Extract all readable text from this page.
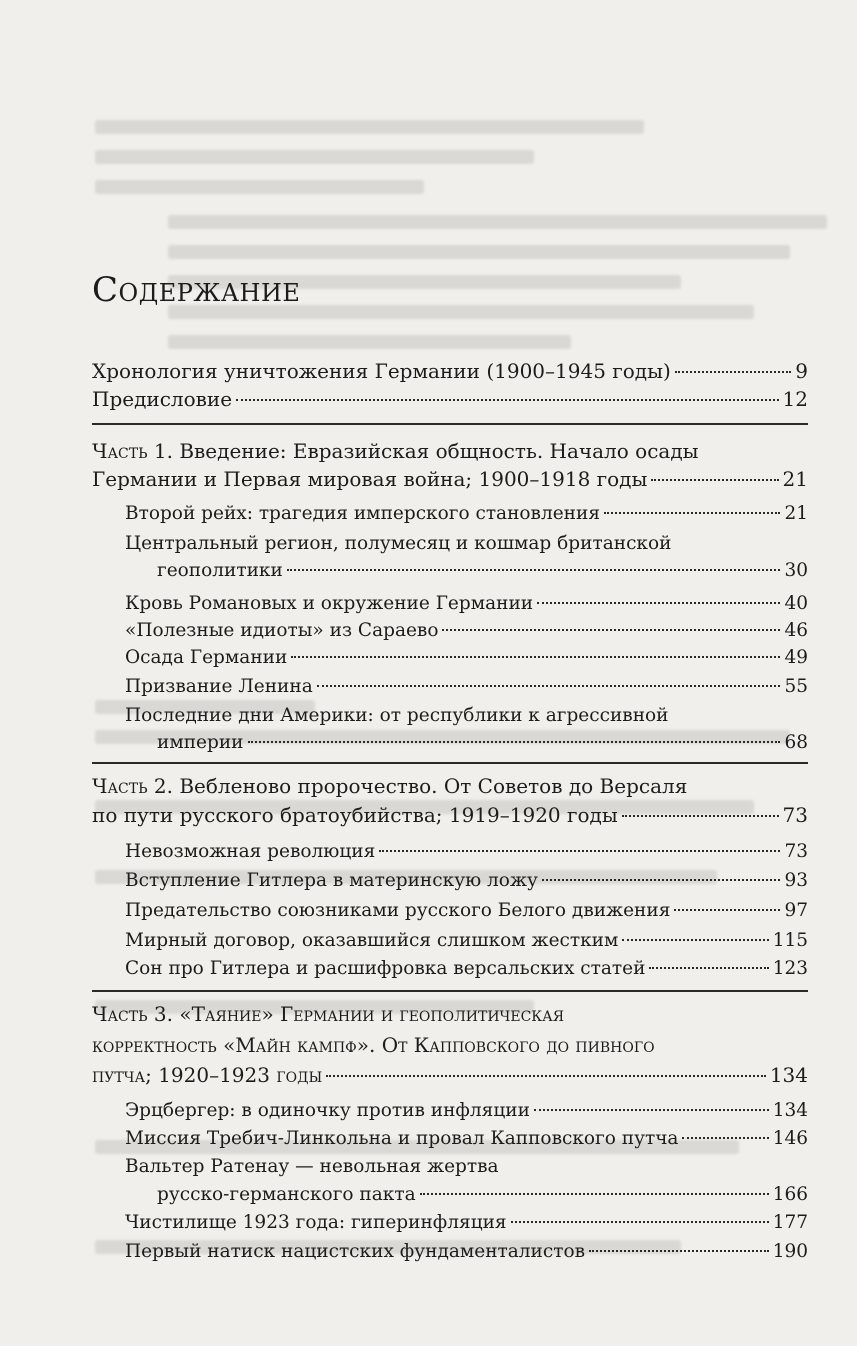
Содержание
Хронология уничтожения Германии (1900–1945 годы)	9
Предисловие	12
Часть 1. Введение: Евразийская общность. Начало осады
Германии и Первая мировая война; 1900–1918 годы	21
Второй рейх: трагедия имперского становления	21
Центральный регион, полумесяц и кошмар британской
геополитики	30
Кровь Романовых и окружение Германии	40
«Полезные идиоты» из Сараево	46
Осада Германии	49
Призвание Ленина	55
Последние дни Америки: от республики к агрессивной
империи	68
Часть 2. Вебленово пророчество. От Советов до Версаля
по пути русского братоубийства; 1919–1920 годы	73
Невозможная революция	73
Вступление Гитлера в материнскую ложу	93
Предательство союзниками русского Белого движения	97
Мирный договор, оказавшийся слишком жестким	115
Сон про Гитлера и расшифровка версальских статей	123
Часть 3. «Таяние» Германии и геополитическая
корректность «Майн кампф». От Капповского до пивного
путча; 1920–1923 годы	134
Эрцбергер: в одиночку против инфляции	134
Миссия Требич-Линкольна и провал Капповского путча	146
Вальтер Ратенау — невольная жертва
русско-германского пакта	166
Чистилище 1923 года: гиперинфляция	177
Первый натиск нацистских фундаменталистов	190
